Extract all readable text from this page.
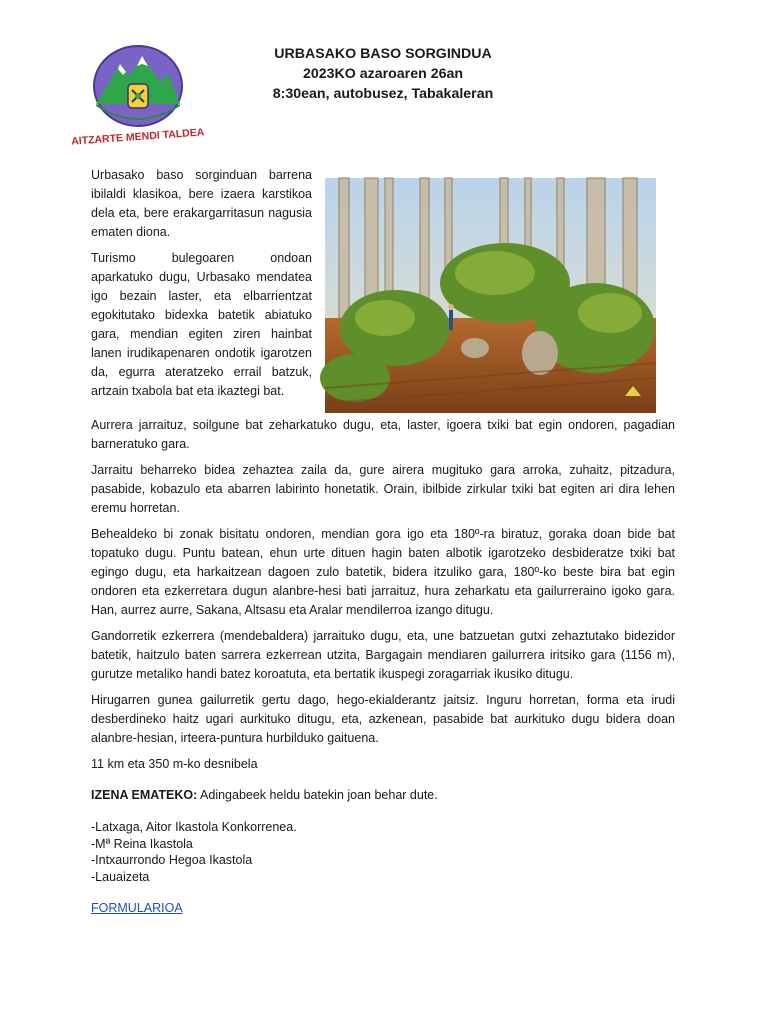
AITZARTE MENDI TALDEA
URBASAKO BASO SORGINDUA
2023KO azaroaren 26an
8:30ean, autobusez, Tabakaleran

Urbasako baso sorginduan barrena ibilaldi klasikoa, bere izaera karstikoa dela eta, bere erakargarritasun nagusia ematen diona.

Turismo bulegoaren ondoan aparkatuko dugu, Urbasako mendatea igo bezain laster, eta elbarrientzat egokitutako bidexka batetik abiatuko gara, mendian egiten ziren hainbat lanen irudikapenaren ondotik igarotzen da, egurra ateratzeko errail batzuk, artzain txabola bat eta ikaztegi bat.

Aurrera jarraituz, soilgune bat zeharkatuko dugu, eta, laster, igoera txiki bat egin ondoren, pagadian barneratuko gara.

Jarraitu beharreko bidea zehaztea zaila da, gure airera mugituko gara arroka, zuhaitz, pitzadura, pasabide, kobazulo eta abarren labirinto honetatik. Orain, ibilbide zirkular txiki bat egiten ari dira lehen eremu horretan.

Behealdeko bi zonak bisitatu ondoren, mendian gora igo eta 180º-ra biratuz, goraka doan bide bat topatuko dugu. Puntu batean, ehun urte dituen hagin baten albotik igarotzeko desbideratze txiki bat egingo dugu, eta harkaitzean dagoen zulo batetik, bidera itzuliko gara, 180º-ko beste bira bat egin ondoren eta ezkerretara dugun alanbre-hesi bati jarraituz, hura zeharkatu eta gailurreraino igoko gara. Han, aurrez aurre, Sakana, Altsasu eta Aralar mendilerroa izango ditugu.

Gandorretik ezkerrera (mendebaldera) jarraituko dugu, eta, une batzuetan gutxi zehaztutako bidezidor batetik, haitzulo baten sarrera ezkerrean utzita, Bargagain mendiaren gailurrera iritsiko gara (1156 m), gurutze metaliko handi batez koroatuta, eta bertatik ikuspegi zoragarriak ikusiko ditugu.

Hirugarren gunea gailurretik gertu dago, hego-ekialderantz jaitsiz. Inguru horretan, forma eta irudi desberdineko haitz ugari aurkituko ditugu, eta, azkenean, pasabide bat aurkituko dugu bidera doan alanbre-hesian, irteera-puntura hurbilduko gaituena.

11 km eta 350 m-ko desnibela
IZENA EMATEKO: Adingabeek heldu batekin joan behar dute.
-Latxaga, Aitor Ikastola Konkorrenea.
-Mª Reina Ikastola
-Intxaurrondo Hegoa Ikastola
-Lauaizeta
FORMULARIOA
